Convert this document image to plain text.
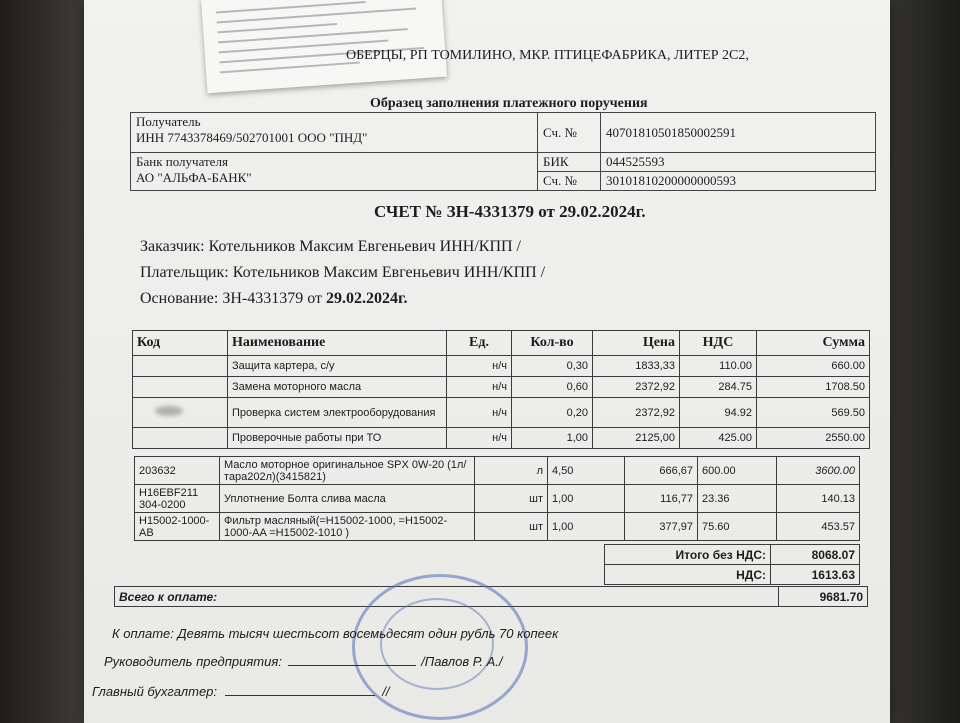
ОБЕРЦЫ, РП ТОМИЛИНО, МКР. ПТИЦЕФАБРИКА, ЛИТЕР 2С2,
Образец заполнения платежного поручения
Получатель
ИНН 7743378469/502701001 ООО "ПНД"	Сч. №	40701810501850002591

Банк получателя
АО "АЛЬФА-БАНК"	БИК	044525593
	Сч. №	30101810200000000593
СЧЕТ № ЗН-4331379 от 29.02.2024г.
Заказчик: Котельников Максим Евгеньевич ИНН/КПП /
Плательщик: Котельников Максим Евгеньевич ИНН/КПП /
Основание: ЗН-4331379 от 29.02.2024г.
Код	Наименование	Ед.	Кол-во	Цена	НДС	Сумма
	Защита картера, с/у	н/ч	0,30	1833,33	110.00	660.00
	Замена моторного масла	н/ч	0,60	2372,92	284.75	1708.50

	Проверка систем электрооборудования	н/ч	0,20	2372,92	94.92	569.50
	Проверочные работы при ТО	н/ч	1,00	2125,00	425.00	2550.00
203632	Масло моторное оригинальное SPX 0W-20 (1л/тара202л)(3415821)	л	4,50	666,67	600.00	3600.00
H16EBF211 304-0200	Уплотнение Болта слива масла	шт	1,00	116,77	23.36	140.13
H15002-1000-AB	Фильтр масляный(=H15002-1000, =H15002-1000-AA =H15002-1010 )	шт	1,00	377,97	75.60	453.57
Итого без НДС:	8068.07
НДС:	1613.63
Всего к оплате:	9681.70
К оплате: Девять тысяч шестьсот восемьдесят один рубль 70 копеек
Руководитель предприятия:	/Павлов Р. А./
Главный бухгалтер:	//
